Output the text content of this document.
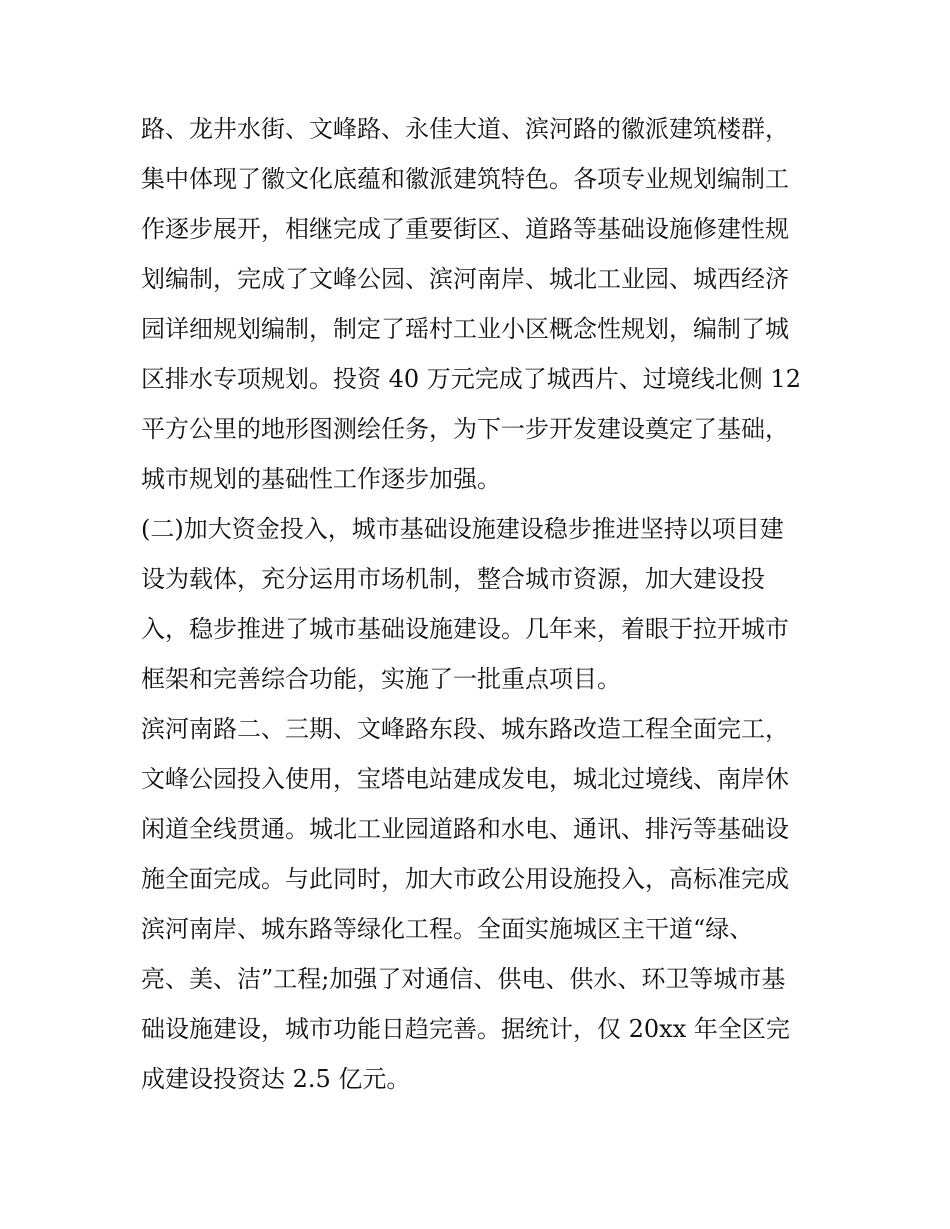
路、龙井水街、文峰路、永佳大道、滨河路的徽派建筑楼群，
集中体现了徽文化底蕴和徽派建筑特色。各项专业规划编制工
作逐步展开，相继完成了重要街区、道路等基础设施修建性规
划编制，完成了文峰公园、滨河南岸、城北工业园、城西经济
园详细规划编制，制定了瑶村工业小区概念性规划，编制了城
区排水专项规划。投资 40 万元完成了城西片、过境线北侧 12
平方公里的地形图测绘任务，为下一步开发建设奠定了基础，
城市规划的基础性工作逐步加强。
(二)加大资金投入，城市基础设施建设稳步推进坚持以项目建
设为载体，充分运用市场机制，整合城市资源，加大建设投
入，稳步推进了城市基础设施建设。几年来，着眼于拉开城市
框架和完善综合功能，实施了一批重点项目。
滨河南路二、三期、文峰路东段、城东路改造工程全面完工，
文峰公园投入使用，宝塔电站建成发电，城北过境线、南岸休
闲道全线贯通。城北工业园道路和水电、通讯、排污等基础设
施全面完成。与此同时，加大市政公用设施投入，高标准完成
滨河南岸、城东路等绿化工程。全面实施城区主干道“绿、
亮、美、洁”工程;加强了对通信、供电、供水、环卫等城市基
础设施建设，城市功能日趋完善。据统计，仅 20xx 年全区完
成建设投资达 2.5 亿元。
